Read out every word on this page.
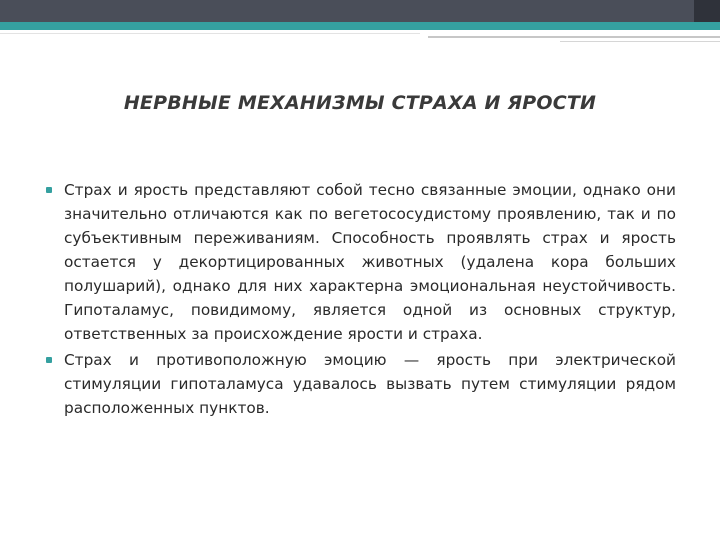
НЕРВНЫЕ МЕХАНИЗМЫ СТРАХА И ЯРОСТИ

Страх и ярость представляют собой тесно связанные эмоции, однако они значительно отличаются как по вегетососудистому проявлению, так и по субъективным переживаниям. Способность проявлять страх и ярость остается у декортицированных животных (удалена кора больших полушарий), однако для них характерна эмоциональная неустойчивость. Гипоталамус, повидимому, является одной из основных структур, ответственных за происхождение ярости и страха.

Страх и противоположную эмоцию — ярость при электрической стимуляции гипоталамуса удавалось вызвать путем стимуляции рядом расположенных пунктов.
